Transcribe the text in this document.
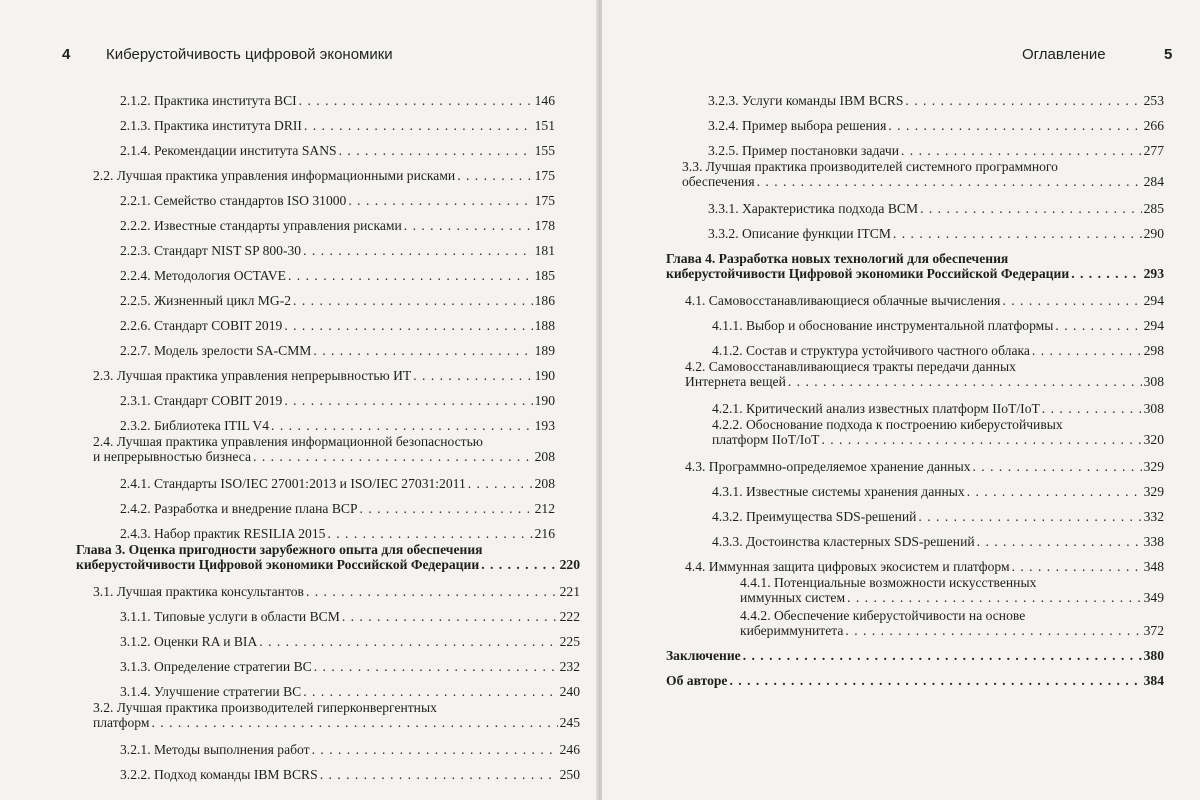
4 Киберустойчивость цифровой экономики
2.1.2. Практика института BCI . . .	146
2.1.3. Практика института DRII . . .	151
2.1.4. Рекомендации института SANS . . .	155
2.2. Лучшая практика управления информационными рисками . . .	175
2.2.1. Семейство стандартов ISO 31000 . . .	175
2.2.2. Известные стандарты управления рисками . . .	178
2.2.3. Стандарт NIST SP 800-30 . . .	181
2.2.4. Методология OCTAVE . . .	185
2.2.5. Жизненный цикл MG-2 . . .	186
2.2.6. Стандарт COBIT 2019 . . .	188
2.2.7. Модель зрелости SA-CMM . . .	189
2.3. Лучшая практика управления непрерывностью ИТ . . .	190
2.3.1. Стандарт COBIT 2019 . . .	190
2.3.2. Библиотека ITIL V4 . . .	193
2.4. Лучшая практика управления информационной безопасностью
и непрерывностью бизнеса . . .	208
2.4.1. Стандарты ISO/IEC 27001:2013 и ISO/IEC 27031:2011 . . .	208
2.4.2. Разработка и внедрение плана BCP . . .	212
2.4.3. Набор практик RESILIA 2015 . . .	216
Глава 3. Оценка пригодности зарубежного опыта для обеспечения
киберустойчивости Цифровой экономики Российской Федерации . . .	220
3.1. Лучшая практика консультантов . . .	221
3.1.1. Типовые услуги в области BCM . . .	222
3.1.2. Оценки RA и BIA . . .	225
3.1.3. Определение стратегии BC . . .	232
3.1.4. Улучшение стратегии BC . . .	240
3.2. Лучшая практика производителей гиперконвергентных
платформ . . .	245
3.2.1. Методы выполнения работ . . .	246
3.2.2. Подход команды IBM BCRS . . .	250
Оглавление	5
3.2.3. Услуги команды IBM BCRS . . .	253
3.2.4. Пример выбора решения . . .	266
3.2.5. Пример постановки задачи . . .	277
3.3. Лучшая практика производителей системного программного
обеспечения . . .	284
3.3.1. Характеристика подхода BCM . . .	285
3.3.2. Описание функции ITCM . . .	290
Глава 4. Разработка новых технологий для обеспечения
киберустойчивости Цифровой экономики Российской Федерации . . .	293
4.1. Самовосстанавливающиеся облачные вычисления . . .	294
4.1.1. Выбор и обоснование инструментальной платформы . . .	294
4.1.2. Состав и структура устойчивого частного облака . . .	298
4.2. Самовосстанавливающиеся тракты передачи данных
Интернета вещей . . .	308
4.2.1. Критический анализ известных платформ IIoT/IoT . . .	308
4.2.2. Обоснование подхода к построению киберустойчивых
платформ IIoT/IoT . . .	320
4.3. Программно-определяемое хранение данных . . .	329
4.3.1. Известные системы хранения данных . . .	329
4.3.2. Преимущества SDS-решений . . .	332
4.3.3. Достоинства кластерных SDS-решений . . .	338
4.4. Иммунная защита цифровых экосистем и платформ . . .	348
4.4.1. Потенциальные возможности искусственных
иммунных систем . . .	349
4.4.2. Обеспечение киберустойчивости на основе
кибериммунитета . . .	372
Заключение . . .	380
Об авторе . . .	384
